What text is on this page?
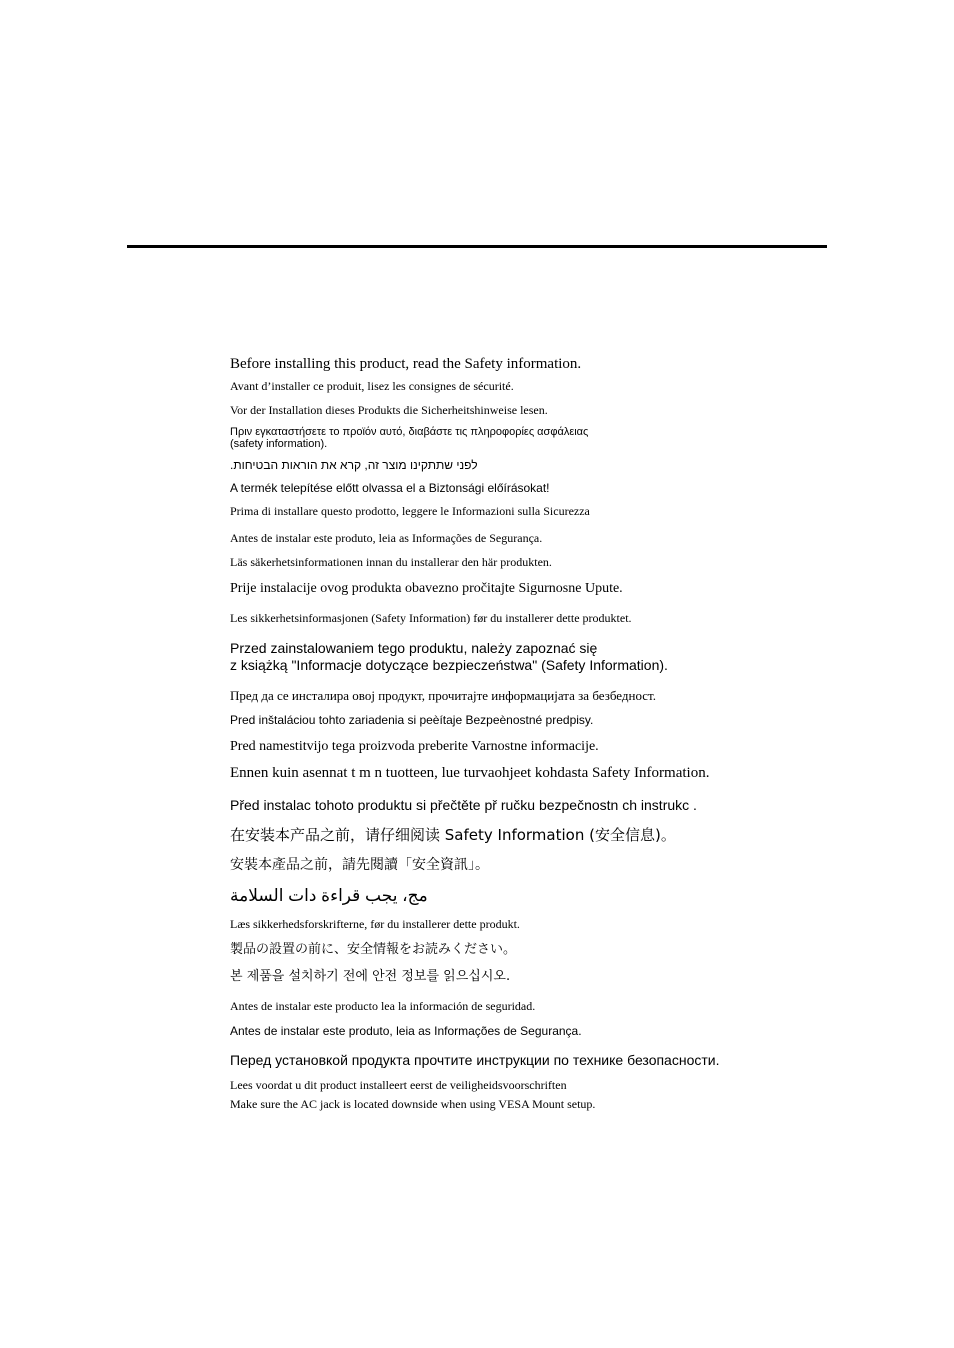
Before installing this product, read the Safety information.
Avant d’installer ce produit, lisez les consignes de sécurité.
Vor der Installation dieses Produkts die Sicherheitshinweise lesen.
Πριν εγκαταστήσετε το προϊόν αυτό, διαβάστε τις πληροφορίες ασφάλειας
(safety information).
לפני שתתקינו מוצר זה, קרא את הוראות הבטיחות.
A termék telepítése előtt olvassa el a Biztonsági előírásokat!
Prima di installare questo prodotto, leggere le Informazioni sulla Sicurezza
Antes de instalar este produto, leia as Informações de Segurança.
Läs säkerhetsinformationen innan du installerar den här produkten.
Prije instalacije ovog produkta obavezno pročitajte Sigurnosne Upute.
Les sikkerhetsinformasjonen (Safety Information) før du installerer dette produktet.
Przed zainstalowaniem tego produktu, należy zapoznać się
z książką "Informacje dotyczące bezpieczeństwa" (Safety Information).
Пред да се инсталира овој продукт, прочитајте информацијата за безбедност.
Pred inštaláciou tohto zariadenia si peèítaje Bezpeènostné predpisy.
Pred namestitvijo tega proizvoda preberite Varnostne informacije.
Ennen kuin asennat t m n tuotteen, lue turvaohjeet kohdasta Safety Information.
Před instalac tohoto produktu si přečtěte př ručku bezpečnostn ch instrukc .
在安装本产品之前，请仔细阅读 Safety Information (安全信息)。
安裝本產品之前，請先閱讀「安全資訊」。
مج، يجب قراءة دات السلامة
Læs sikkerhedsforskrifterne, før du installerer dette produkt.
製品の設置の前に、安全情報をお読みください。
본 제품을 설치하기 전에 안전 정보를 읽으십시오.
Antes de instalar este producto lea la información de seguridad.
Antes de instalar este produto, leia as Informações de Segurança.
Перед установкой продукта прочтите инструкции по технике безопасности.
Lees voordat u dit product installeert eerst de veiligheidsvoorschriften
Make sure the AC jack is located downside when using VESA Mount setup.
